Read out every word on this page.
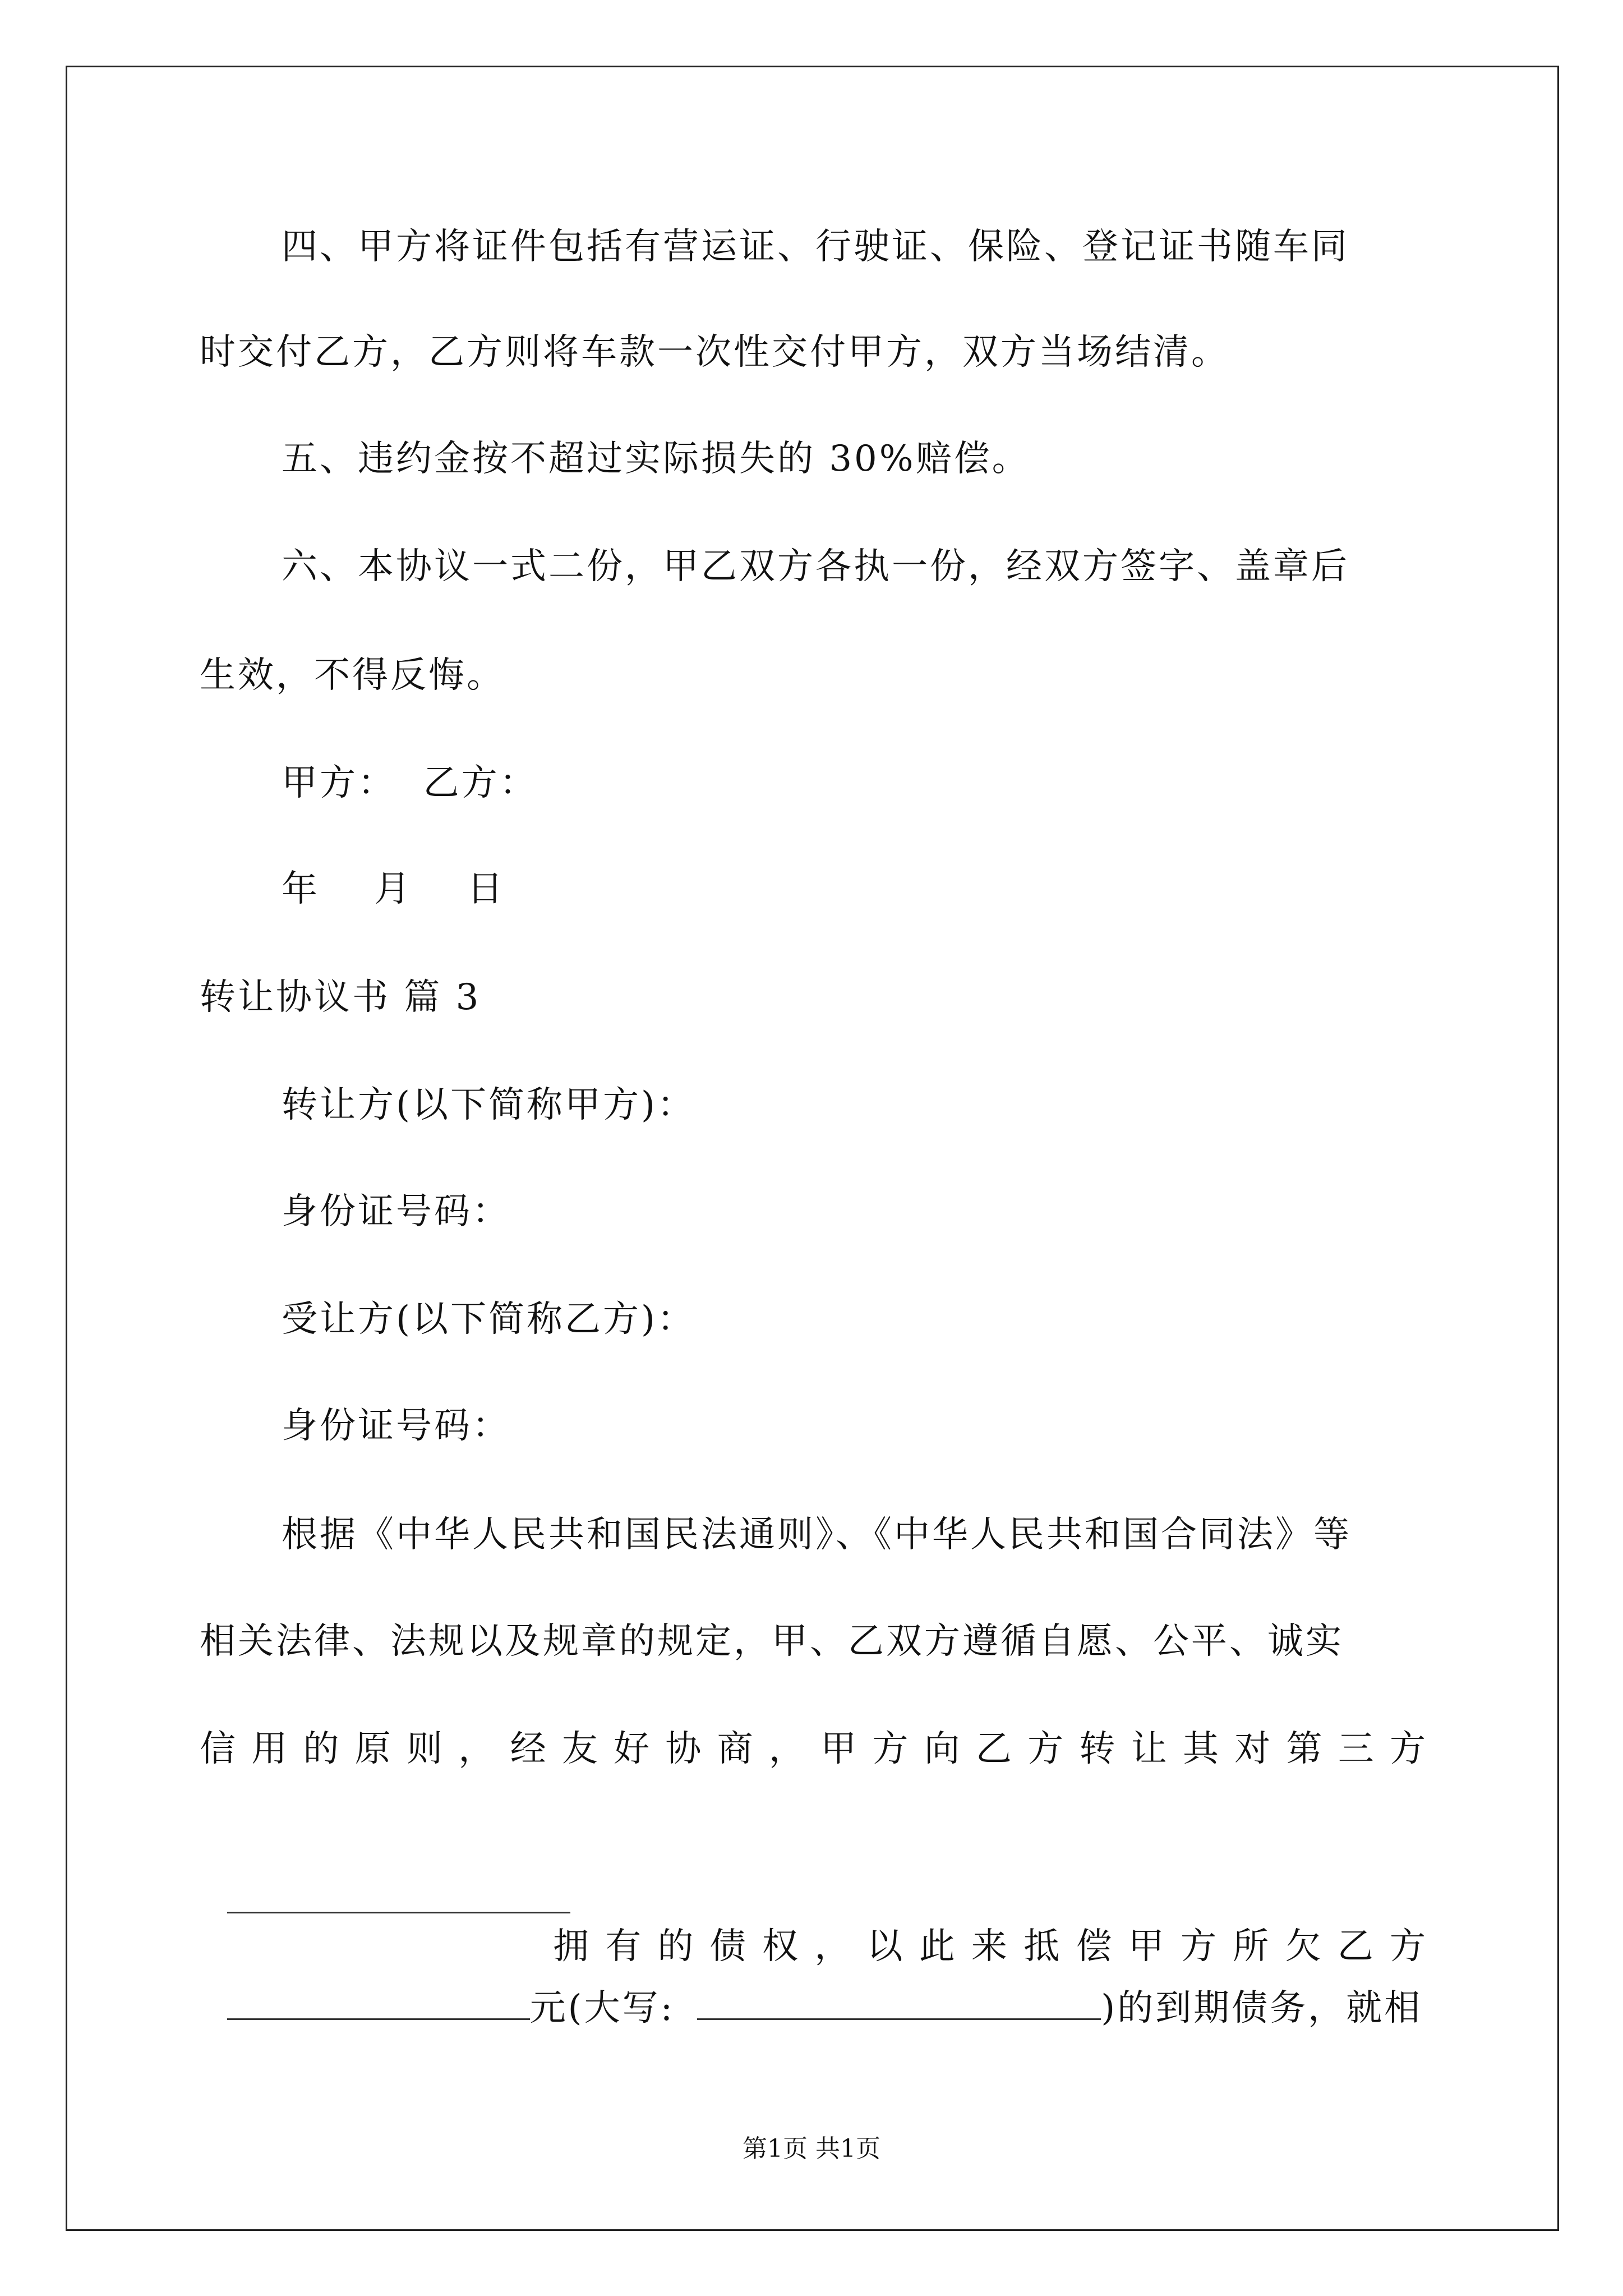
四、甲方将证件包括有营运证、行驶证、保险、登记证书随车同
时交付乙方，乙方则将车款一次性交付甲方，双方当场结清。
五、违约金按不超过实际损失的 30%赔偿。
六、本协议一式二份，甲乙双方各执一份，经双方签字、盖章后
生效，不得反悔。
甲方：  乙方：
年    月    日
转让协议书 篇 3
转让方(以下简称甲方)：
身份证号码：
受让方(以下简称乙方)：
身份证号码：
根据《中华人民共和国民法通则》、《中华人民共和国合同法》等
相关法律、法规以及规章的规定，甲、乙双方遵循自愿、公平、诚实
信用的原则，经友好协商，甲方向乙方转让其对第三方

拥有的债权，以此来抵偿甲方所欠乙方

元(大写:	)的到期债务，就相

第1页 共1页
